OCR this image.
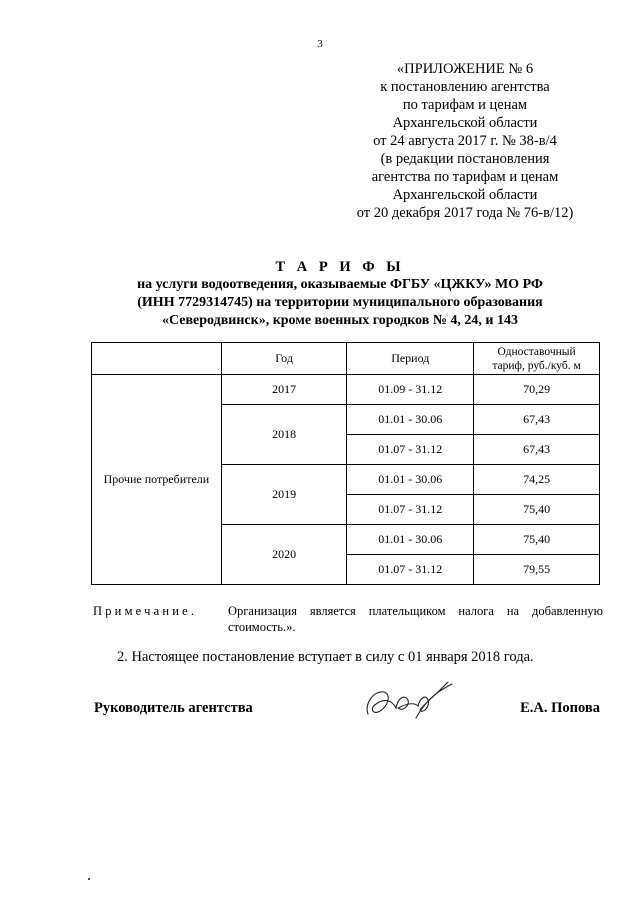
3
«ПРИЛОЖЕНИЕ № 6
к постановлению агентства
по тарифам и ценам
Архангельской области
от 24 августа 2017 г. № 38-в/4
(в редакции постановления
агентства по тарифам и ценам
Архангельской области
от 20 декабря 2017 года № 76-в/12)
Т А Р И Ф Ы
на услуги водоотведения, оказываемые ФГБУ «ЦЖКУ» МО РФ
(ИНН 7729314745) на территории муниципального образования
«Северодвинск», кроме военных городков № 4, 24, и 143
	Год	Период	Одноставочный
тариф, руб./куб. м

Прочие потребители	2017	01.09 - 31.12	70,29
	2018	01.01 - 30.06	67,43
		01.07 - 31.12	67,43
	2019	01.01 - 30.06	74,25
		01.07 - 31.12	75,40
	2020	01.01 - 30.06	75,40
		01.07 - 31.12	79,55
Примечание. Организация является плательщиком налога на добавленную стоимость.».
2. Настоящее постановление вступает в силу с 01 января 2018 года.
Руководитель агентства	Е.А. Попова
